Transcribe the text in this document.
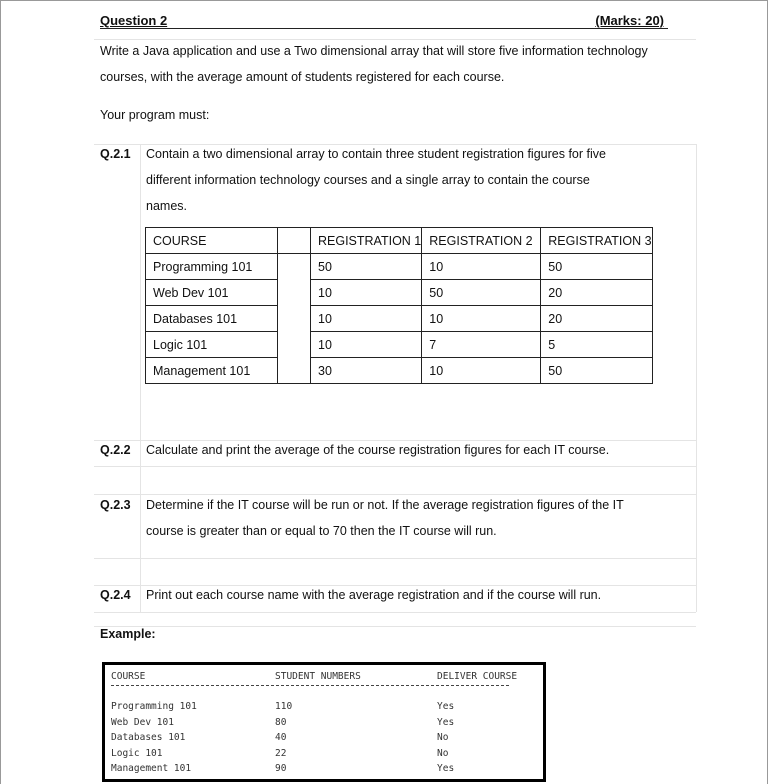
Question 2	(Marks: 20)
Write a Java application and use a Two dimensional array that will store five information technology
courses, with the average amount of students registered for each course.
Your program must:
Q.2.1 Contain a two dimensional array to contain three student registration figures for five
different information technology courses and a single array to contain the course
names.
COURSE		REGISTRATION 1	REGISTRATION 2	REGISTRATION 3
Programming 101		50	10	50
Web Dev 101		10	50	20
Databases 101		10	10	20
Logic 101		10	7	5
Management 101		30	10	50
Q.2.2 Calculate and print the average of the course registration figures for each IT course.
Q.2.3 Determine if the IT course will be run or not. If the average registration figures of the IT
course is greater than or equal to 70 then the IT course will run.
Q.2.4 Print out each course name with the average registration and if the course will run.
Example:
COURSE	STUDENT NUMBERS	DELIVER COURSE
Programming 101	110	Yes
Web Dev 101	80	Yes
Databases 101	40	No
Logic 101	22	No
Management 101	90	Yes
